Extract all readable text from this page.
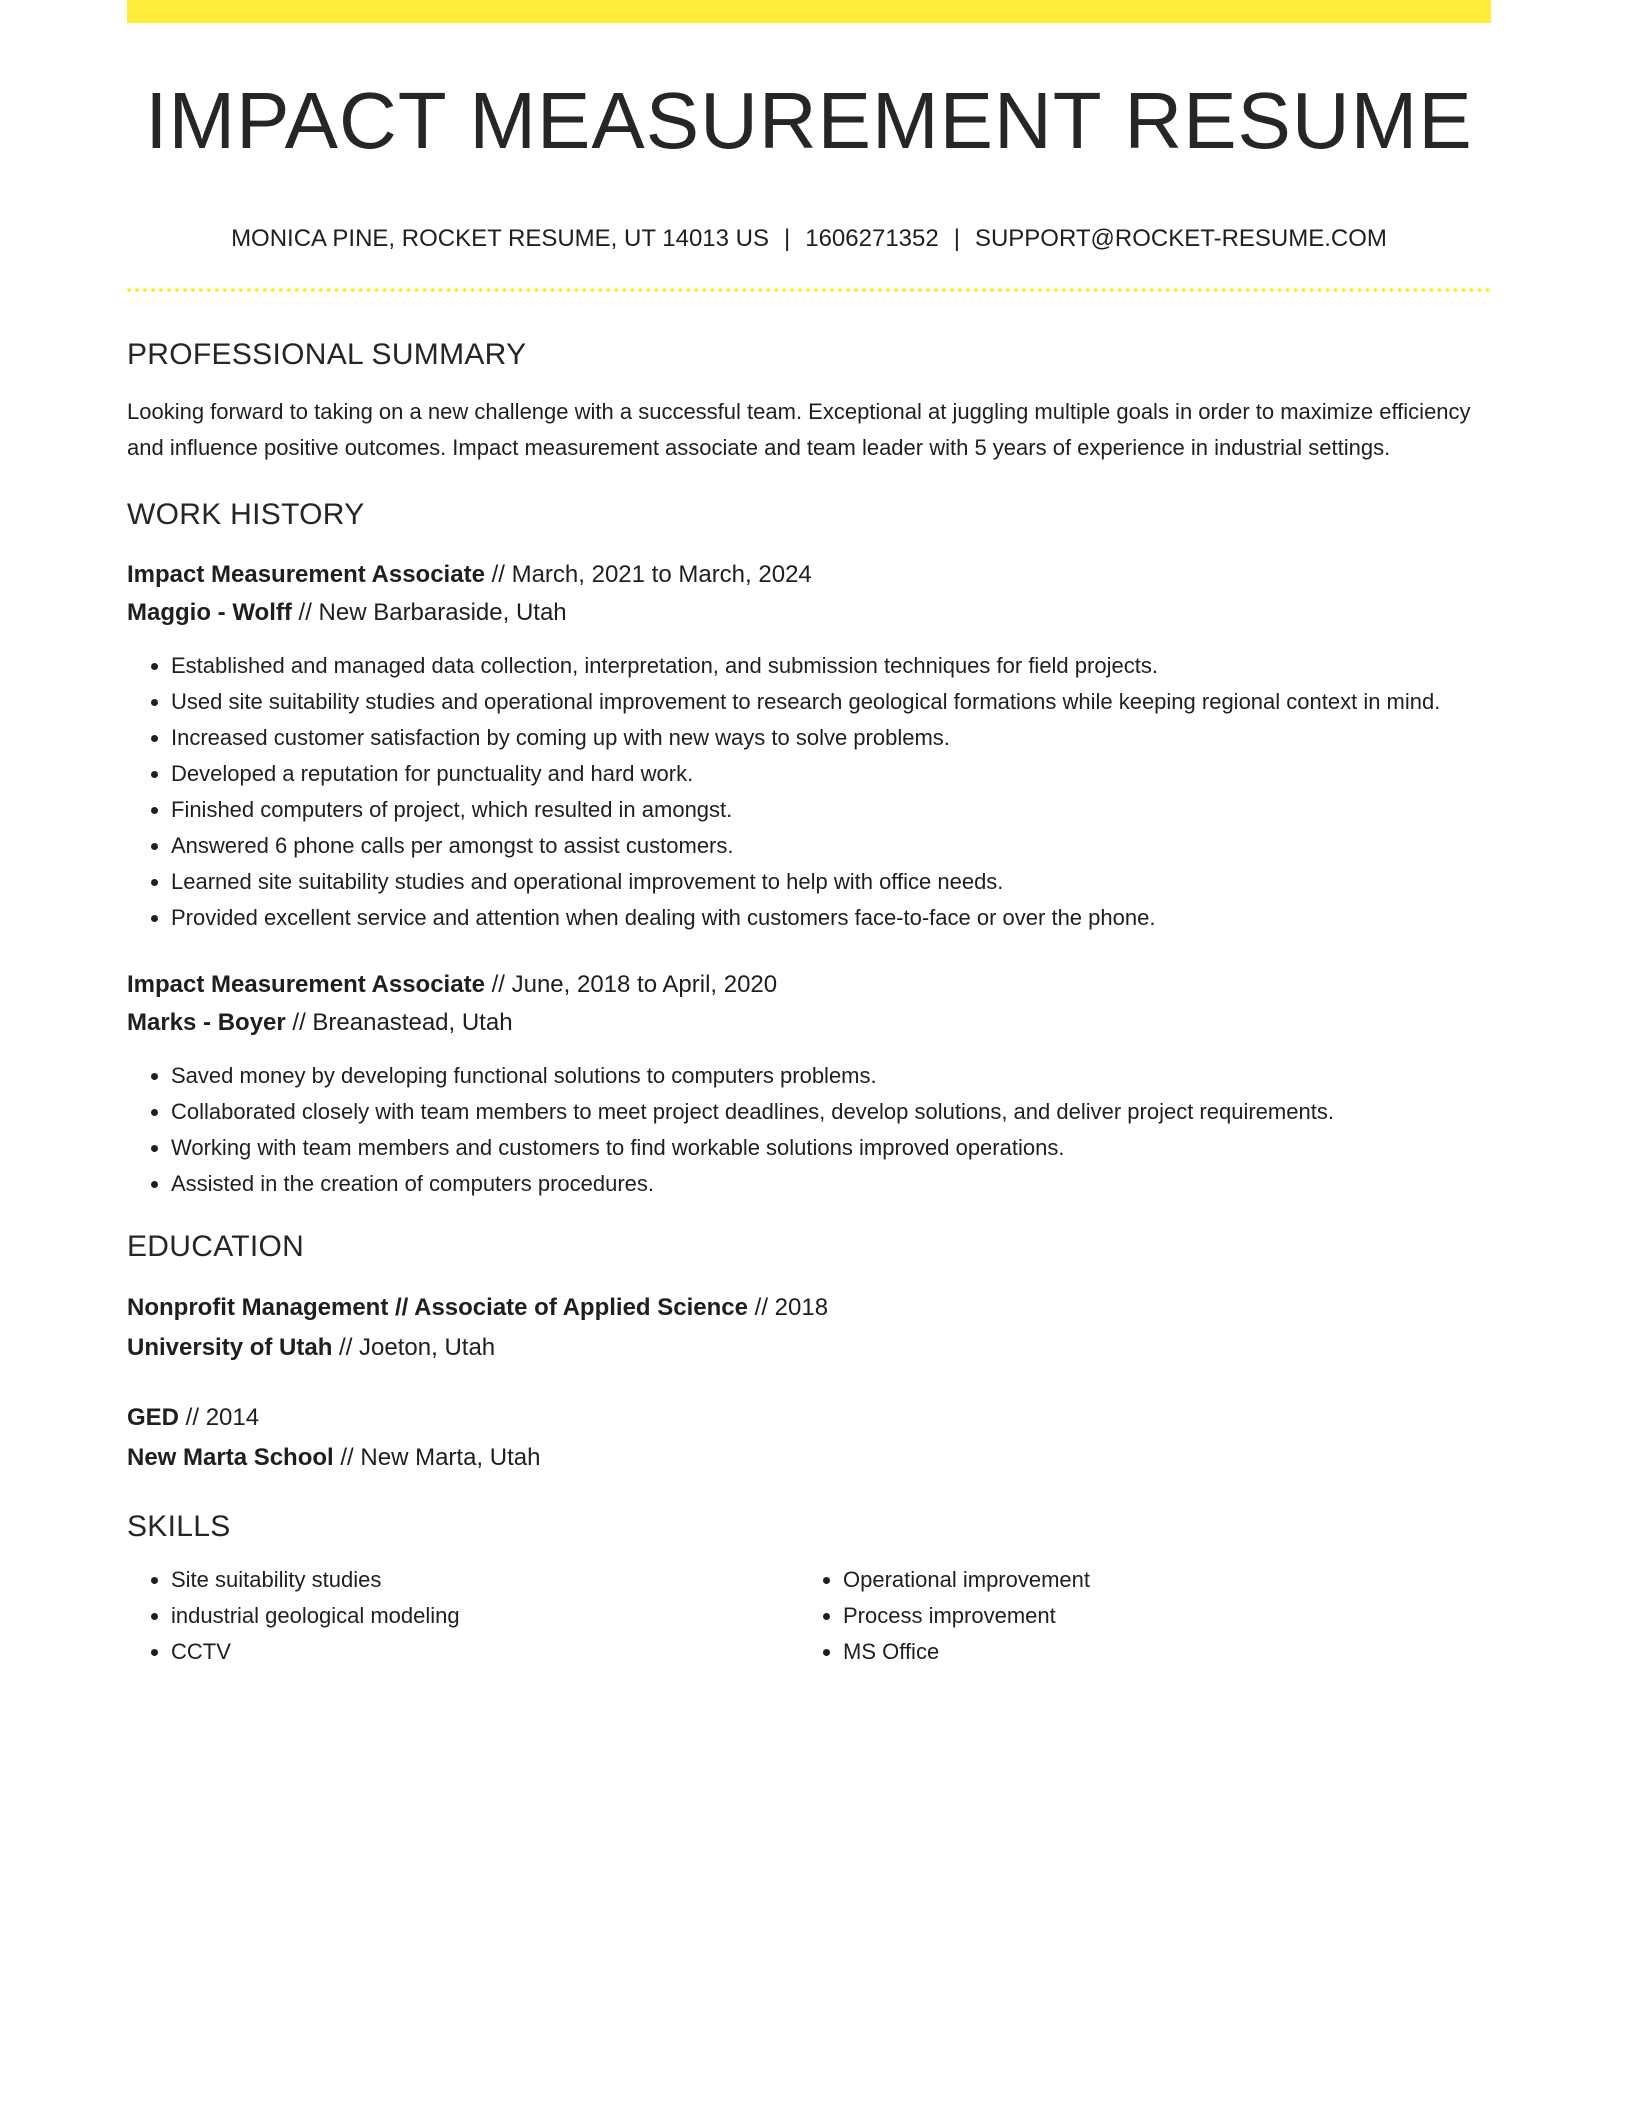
IMPACT MEASUREMENT RESUME
MONICA PINE, ROCKET RESUME, UT 14013 US | 1606271352 | SUPPORT@ROCKET-RESUME.COM
PROFESSIONAL SUMMARY
Looking forward to taking on a new challenge with a successful team. Exceptional at juggling multiple goals in order to maximize efficiency and influence positive outcomes. Impact measurement associate and team leader with 5 years of experience in industrial settings.
WORK HISTORY
Impact Measurement Associate // March, 2021 to March, 2024
Maggio - Wolff // New Barbaraside, Utah
• Established and managed data collection, interpretation, and submission techniques for field projects.
• Used site suitability studies and operational improvement to research geological formations while keeping regional context in mind.
• Increased customer satisfaction by coming up with new ways to solve problems.
• Developed a reputation for punctuality and hard work.
• Finished computers of project, which resulted in amongst.
• Answered 6 phone calls per amongst to assist customers.
• Learned site suitability studies and operational improvement to help with office needs.
• Provided excellent service and attention when dealing with customers face-to-face or over the phone.
Impact Measurement Associate // June, 2018 to April, 2020
Marks - Boyer // Breanastead, Utah
• Saved money by developing functional solutions to computers problems.
• Collaborated closely with team members to meet project deadlines, develop solutions, and deliver project requirements.
• Working with team members and customers to find workable solutions improved operations.
• Assisted in the creation of computers procedures.
EDUCATION
Nonprofit Management // Associate of Applied Science // 2018
University of Utah // Joeton, Utah
GED // 2014
New Marta School // New Marta, Utah
SKILLS
• Site suitability studies
• industrial geological modeling
• CCTV
• Operational improvement
• Process improvement
• MS Office
